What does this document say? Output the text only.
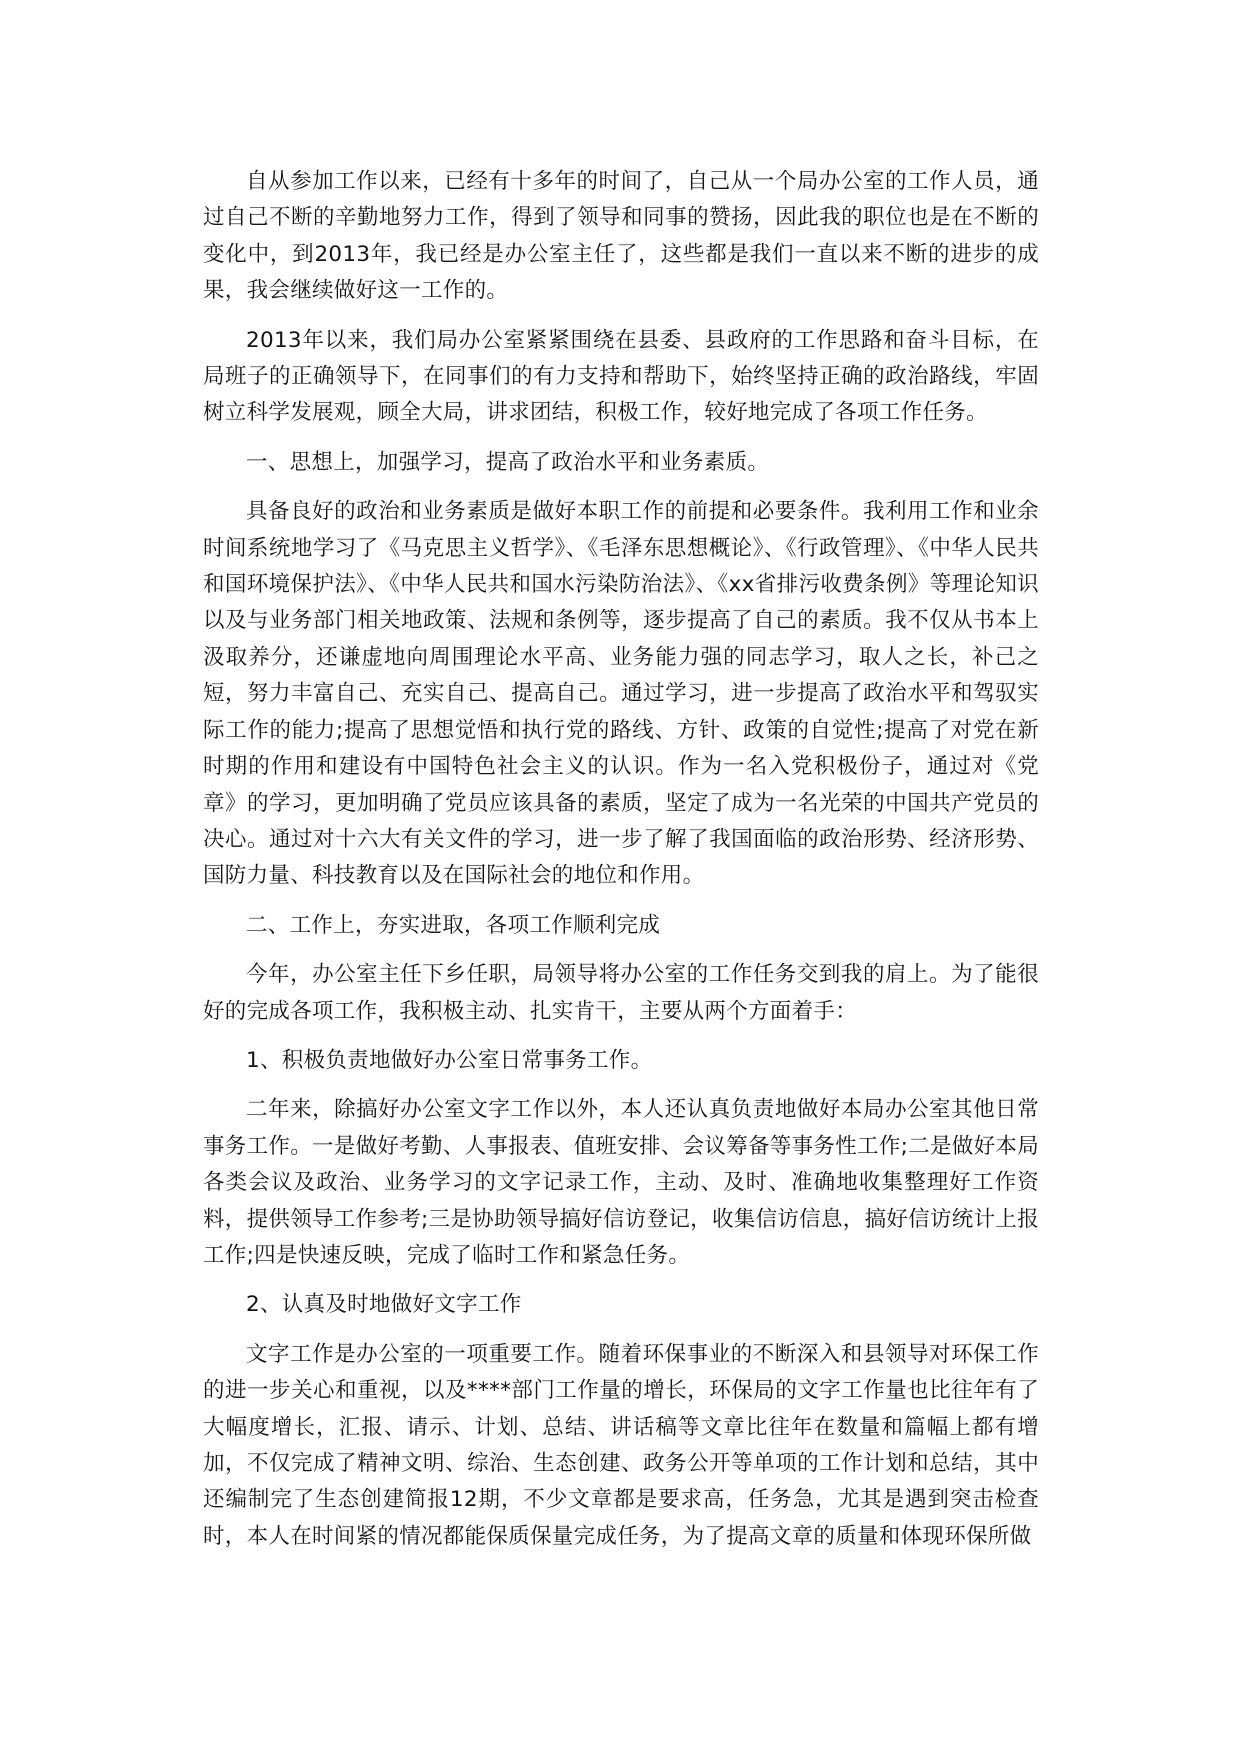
自从参加工作以来，已经有十多年的时间了，自己从一个局办公室的工作人员，通过自己不断的辛勤地努力工作，得到了领导和同事的赞扬，因此我的职位也是在不断的变化中，到2013年，我已经是办公室主任了，这些都是我们一直以来不断的进步的成果，我会继续做好这一工作的。

2013年以来，我们局办公室紧紧围绕在县委、县政府的工作思路和奋斗目标，在局班子的正确领导下，在同事们的有力支持和帮助下，始终坚持正确的政治路线，牢固树立科学发展观，顾全大局，讲求团结，积极工作，较好地完成了各项工作任务。

一、思想上，加强学习，提高了政治水平和业务素质。

具备良好的政治和业务素质是做好本职工作的前提和必要条件。我利用工作和业余时间系统地学习了《马克思主义哲学》、《毛泽东思想概论》、《行政管理》、《中华人民共和国环境保护法》、《中华人民共和国水污染防治法》、《xx省排污收费条例》等理论知识以及与业务部门相关地政策、法规和条例等，逐步提高了自己的素质。我不仅从书本上汲取养分，还谦虚地向周围理论水平高、业务能力强的同志学习，取人之长，补己之短，努力丰富自己、充实自己、提高自己。通过学习，进一步提高了政治水平和驾驭实际工作的能力;提高了思想觉悟和执行党的路线、方针、政策的自觉性;提高了对党在新时期的作用和建设有中国特色社会主义的认识。作为一名入党积极份子，通过对《党章》的学习，更加明确了党员应该具备的素质，坚定了成为一名光荣的中国共产党员的决心。通过对十六大有关文件的学习，进一步了解了我国面临的政治形势、经济形势、国防力量、科技教育以及在国际社会的地位和作用。

二、工作上，夯实进取，各项工作顺利完成

今年，办公室主任下乡任职，局领导将办公室的工作任务交到我的肩上。为了能很好的完成各项工作，我积极主动、扎实肯干，主要从两个方面着手：

1、积极负责地做好办公室日常事务工作。

二年来，除搞好办公室文字工作以外，本人还认真负责地做好本局办公室其他日常事务工作。一是做好考勤、人事报表、值班安排、会议筹备等事务性工作;二是做好本局各类会议及政治、业务学习的文字记录工作，主动、及时、准确地收集整理好工作资料，提供领导工作参考;三是协助领导搞好信访登记，收集信访信息，搞好信访统计上报工作;四是快速反映，完成了临时工作和紧急任务。

2、认真及时地做好文字工作

文字工作是办公室的一项重要工作。随着环保事业的不断深入和县领导对环保工作的进一步关心和重视，以及****部门工作量的增长，环保局的文字工作量也比往年有了大幅度增长，汇报、请示、计划、总结、讲话稿等文章比往年在数量和篇幅上都有增加，不仅完成了精神文明、综治、生态创建、政务公开等单项的工作计划和总结，其中还编制完了生态创建简报12期，不少文章都是要求高，任务急，尤其是遇到突击检查时，本人在时间紧的情况都能保质保量完成任务，为了提高文章的质量和体现环保所做
